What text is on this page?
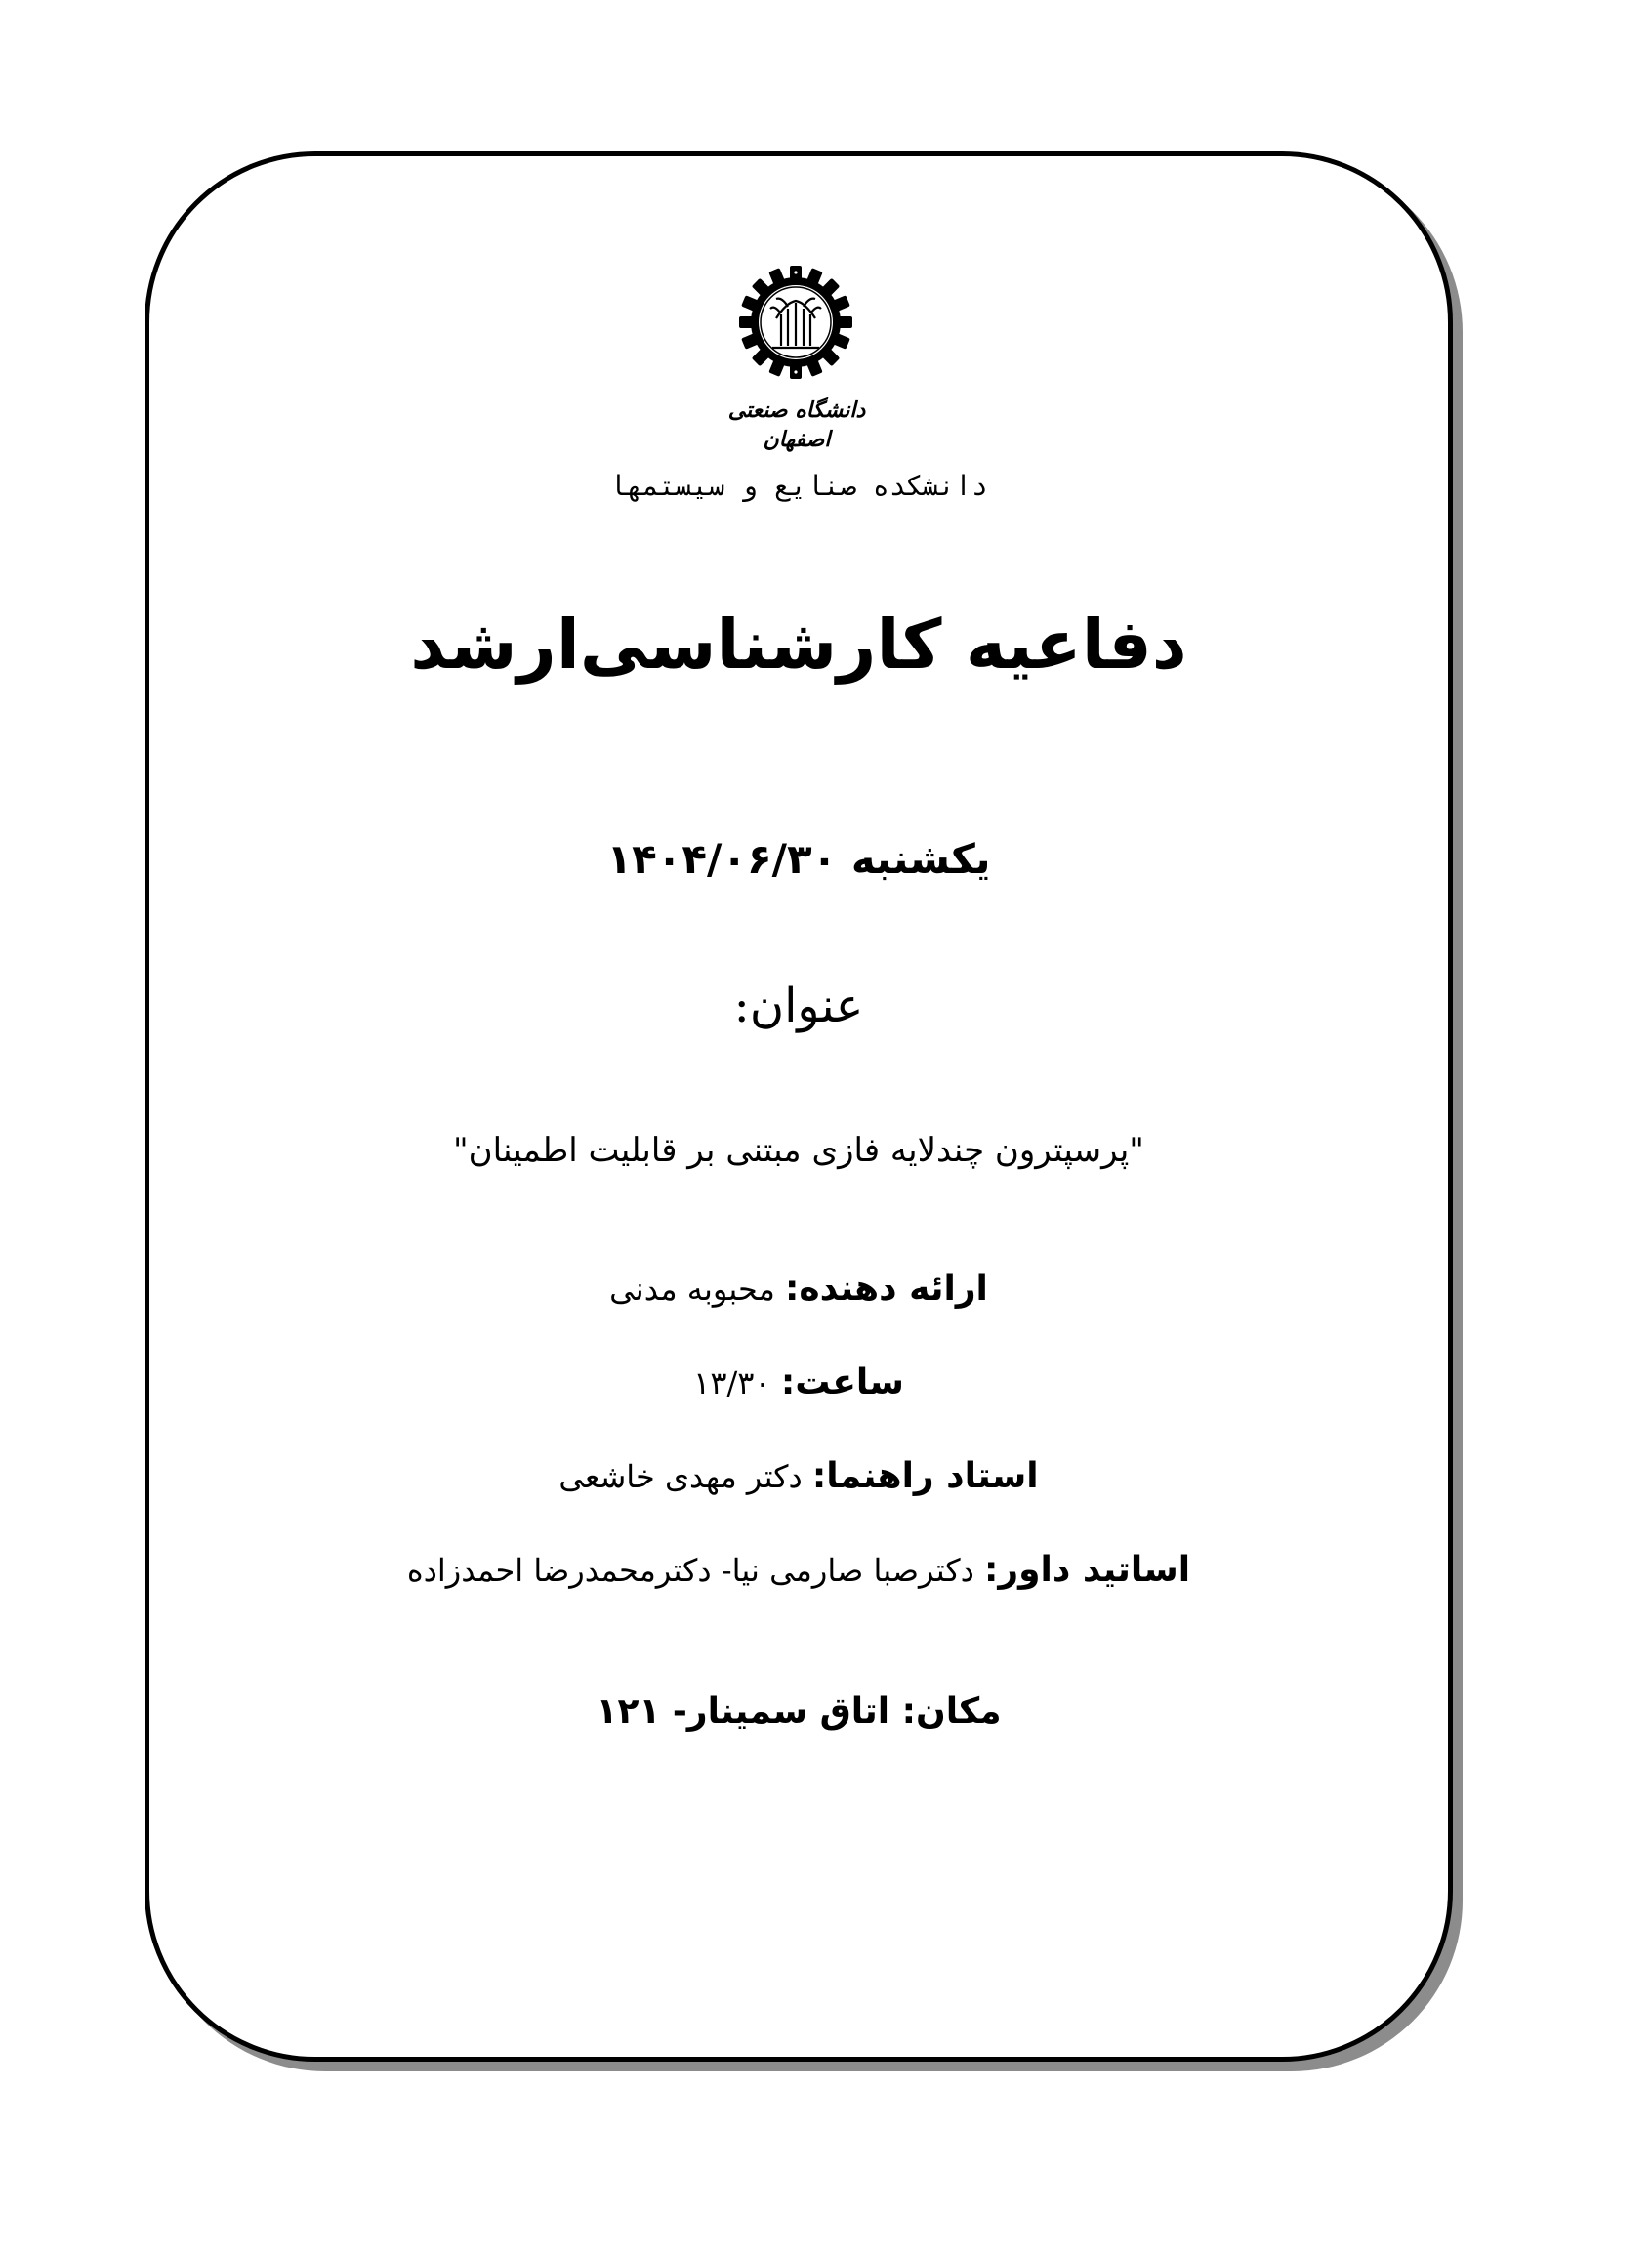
دانشگاه صنعتی اصفهان
دانشکده صنایع و سیستمها
دفاعیه کارشناسی‌ارشد
یکشنبه ۱۴۰۴/۰۶/۳۰
عنوان:
"پرسپترون چندلایه فازی مبتنی بر قابلیت اطمینان"
ارائه دهنده: محبوبه مدنی
ساعت: ۱۳/۳۰
استاد راهنما: دکتر مهدی خاشعی
اساتید داور: دکترصبا صارمی نیا- دکترمحمدرضا احمدزاده
مکان: اتاق سمینار- ۱۲۱
